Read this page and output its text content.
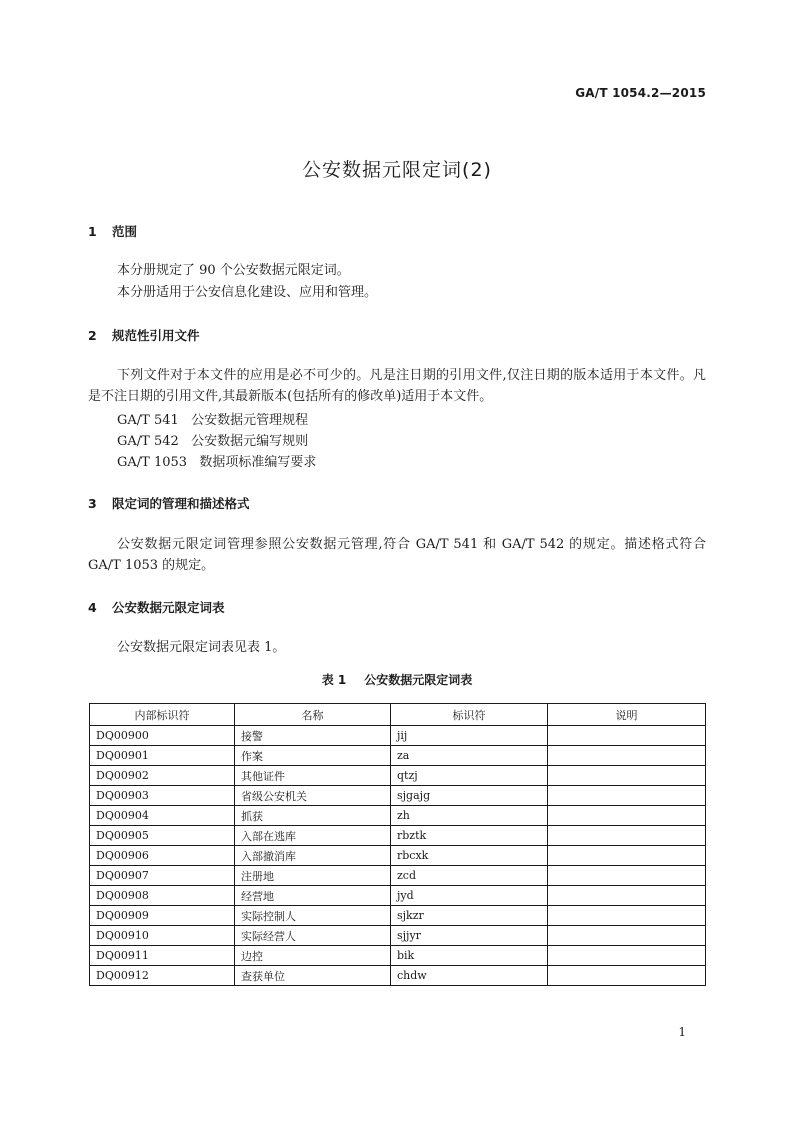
GA/T 1054.2—2015
公安数据元限定词(2)
1 范围
本分册规定了 90 个公安数据元限定词。
本分册适用于公安信息化建设、应用和管理。
2 规范性引用文件
下列文件对于本文件的应用是必不可少的。凡是注日期的引用文件,仅注日期的版本适用于本文件。凡是不注日期的引用文件,其最新版本(包括所有的修改单)适用于本文件。
GA/T 541   公安数据元管理规程
GA/T 542   公安数据元编写规则
GA/T 1053   数据项标准编写要求
3 限定词的管理和描述格式
公安数据元限定词管理参照公安数据元管理,符合 GA/T 541 和 GA/T 542 的规定。描述格式符合 GA/T 1053 的规定。
4 公安数据元限定词表
公安数据元限定词表见表 1。
表 1 公安数据元限定词表
内部标识符	名称	标识符	说明
DQ00900	接警	jij	
DQ00901	作案	za	
DQ00902	其他证件	qtzj	
DQ00903	省级公安机关	sjgajg	
DQ00904	抓获	zh	
DQ00905	入部在逃库	rbztk	
DQ00906	入部撤消库	rbcxk	
DQ00907	注册地	zcd	
DQ00908	经营地	jyd	
DQ00909	实际控制人	sjkzr	
DQ00910	实际经营人	sjjyr	
DQ00911	边控	bik	
DQ00912	查获单位	chdw	
1
